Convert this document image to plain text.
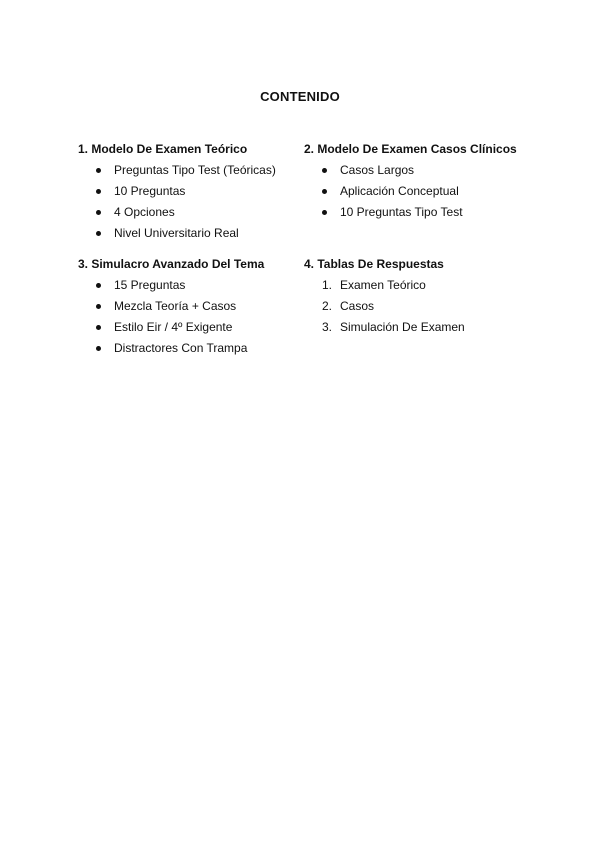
CONTENIDO
1. Modelo De Examen Teórico
Preguntas Tipo Test (Teóricas)
10 Preguntas
4 Opciones
Nivel Universitario Real
2. Modelo De Examen Casos Clínicos
Casos Largos
Aplicación Conceptual
10 Preguntas Tipo Test
3. Simulacro Avanzado Del Tema
15 Preguntas
Mezcla Teoría + Casos
Estilo Eir / 4º Exigente
Distractores Con Trampa
4. Tablas De Respuestas
1. Examen Teórico
2. Casos
3. Simulación De Examen
